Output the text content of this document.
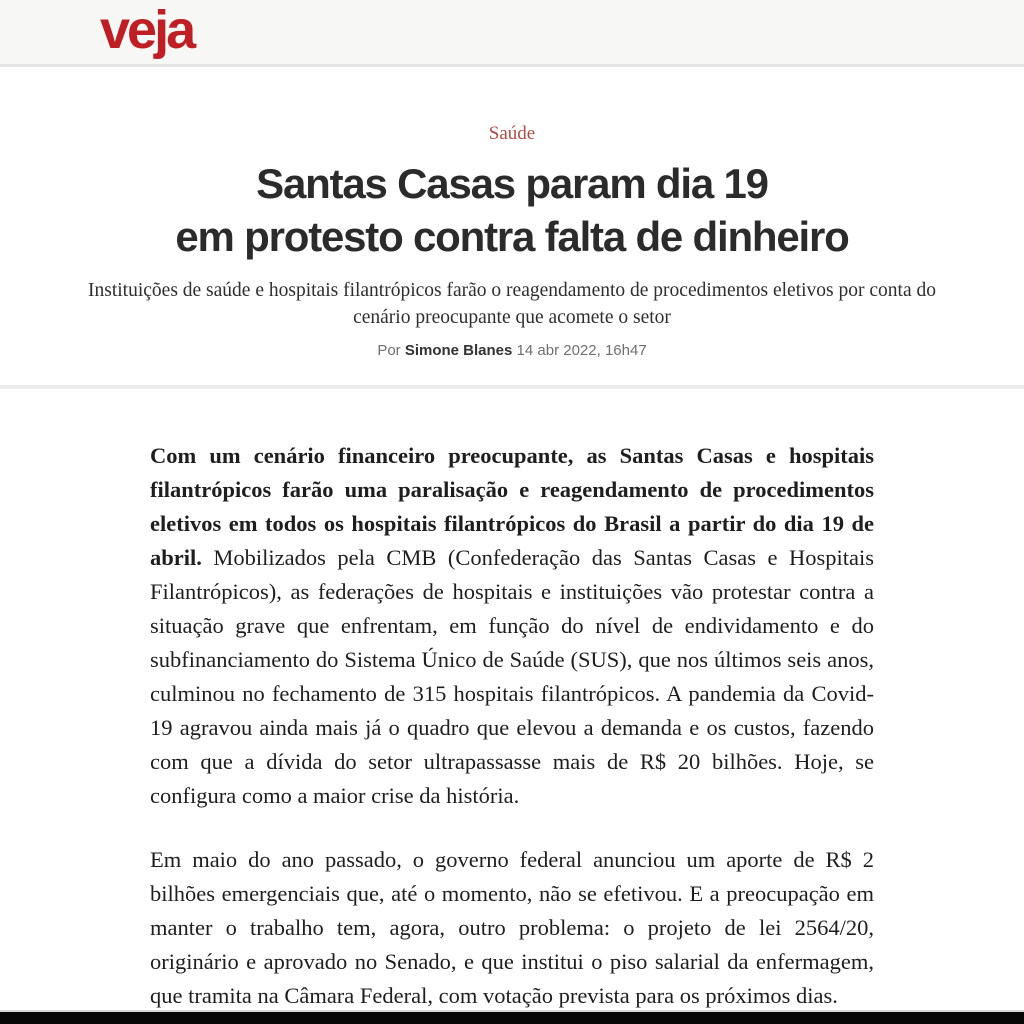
veja
Saúde
Santas Casas param dia 19
em protesto contra falta de dinheiro

Instituições de saúde e hospitais filantrópicos farão o reagendamento de procedimentos eletivos por conta do cenário preocupante que acomete o setor

Por Simone Blanes 14 abr 2022, 16h47

Com um cenário financeiro preocupante, as Santas Casas e hospitais filantrópicos farão uma paralisação e reagendamento de procedimentos eletivos em todos os hospitais filantrópicos do Brasil a partir do dia 19 de abril. Mobilizados pela CMB (Confederação das Santas Casas e Hospitais Filantrópicos), as federações de hospitais e instituições vão protestar contra a situação grave que enfrentam, em função do nível de endividamento e do subfinanciamento do Sistema Único de Saúde (SUS), que nos últimos seis anos, culminou no fechamento de 315 hospitais filantrópicos. A pandemia da Covid-19 agravou ainda mais já o quadro que elevou a demanda e os custos, fazendo com que a dívida do setor ultrapassasse mais de R$ 20 bilhões. Hoje, se configura como a maior crise da história.

Em maio do ano passado, o governo federal anunciou um aporte de R$ 2 bilhões emergenciais que, até o momento, não se efetivou. E a preocupação em manter o trabalho tem, agora, outro problema: o projeto de lei 2564/20, originário e aprovado no Senado, e que institui o piso salarial da enfermagem, que tramita na Câmara Federal, com votação prevista para os próximos dias.
